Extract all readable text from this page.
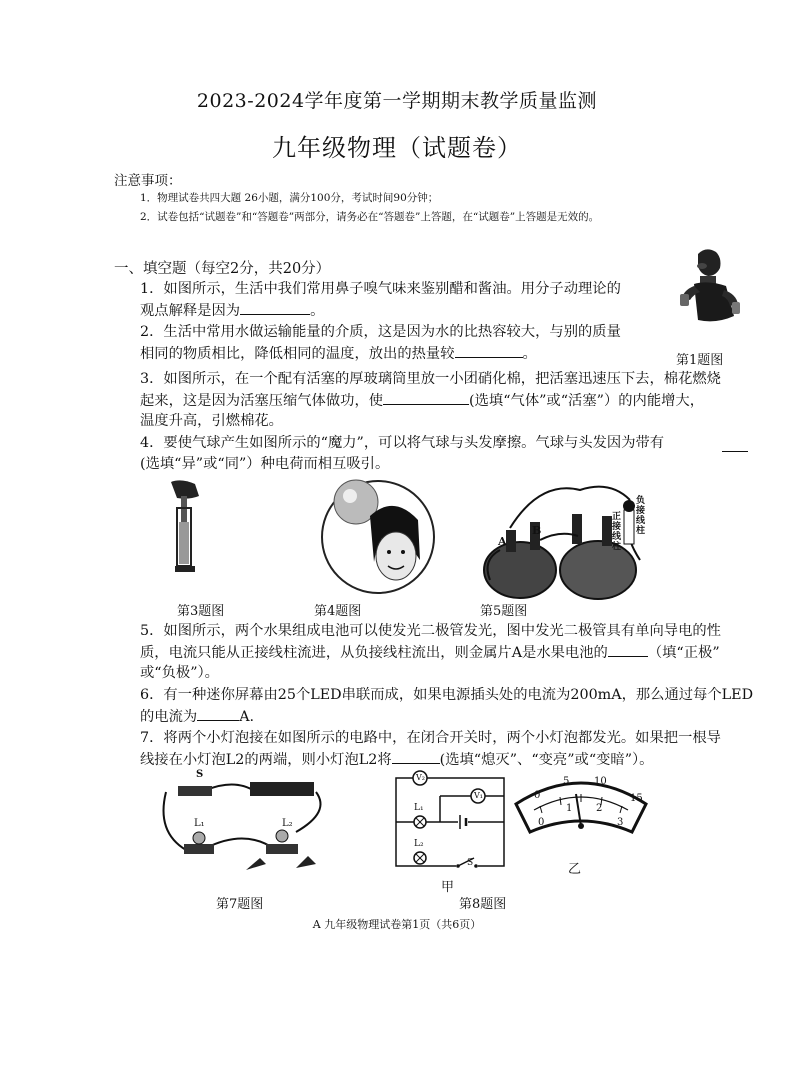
2023-2024学年度第一学期期末教学质量监测
九年级物理（试题卷）
注意事项：
1．物理试卷共四大题 26小题，满分100分，考试时间90分钟；
2．试卷包括“试题卷”和“答题卷”两部分，请务必在“答题卷”上答题，在“试题卷”上答题是无效的。
一、填空题（每空2分，共20分）
1．如图所示，生活中我们常用鼻子嗅气味来鉴别醋和酱油。用分子动理论的
观点解释是因为	。
第1题图
2．生活中常用水做运输能量的介质，这是因为水的比热容较大，与别的质量
相同的物质相比，降低相同的温度，放出的热量较	。
3．如图所示，在一个配有活塞的厚玻璃筒里放一小团硝化棉，把活塞迅速压下去，棉花燃烧
起来，这是因为活塞压缩气体做功，使	(选填“气体”或“活塞”）的内能增大，
温度升高，引燃棉花。
4．要使气球产生如图所示的“魔力”，可以将气球与头发摩擦。气球与头发因为带有
(选填“异”或“同”）种电荷而相互吸引。
第3题图	第4题图
A
B
正接线柱
负接线柱
第5题图
5．如图所示，两个水果组成电池可以使发光二极管发光，图中发光二极管具有单向导电的性
质，电流只能从正接线柱流进，从负接线柱流出，则金属片A是水果电池的	（填“正极”
或“负极”）。
6．有一种迷你屏幕由25个LED串联而成，如果电源插头处的电流为200mA，那么通过每个LED
的电流为	A.
7．将两个小灯泡接在如图所示的电路中，在闭合开关时，两个小灯泡都发光。如果把一根导
线接在小灯泡L2的两端，则小灯泡L2将	(选填“熄灭”、“变亮”或“变暗”）。
S
L₁	L₂
第7题图
V₂
V₁
L₁
L₂
S
甲
第8题图
0
5 10
15
0
1 2
3
乙
A 九年级物理试卷第1页（共6页）
